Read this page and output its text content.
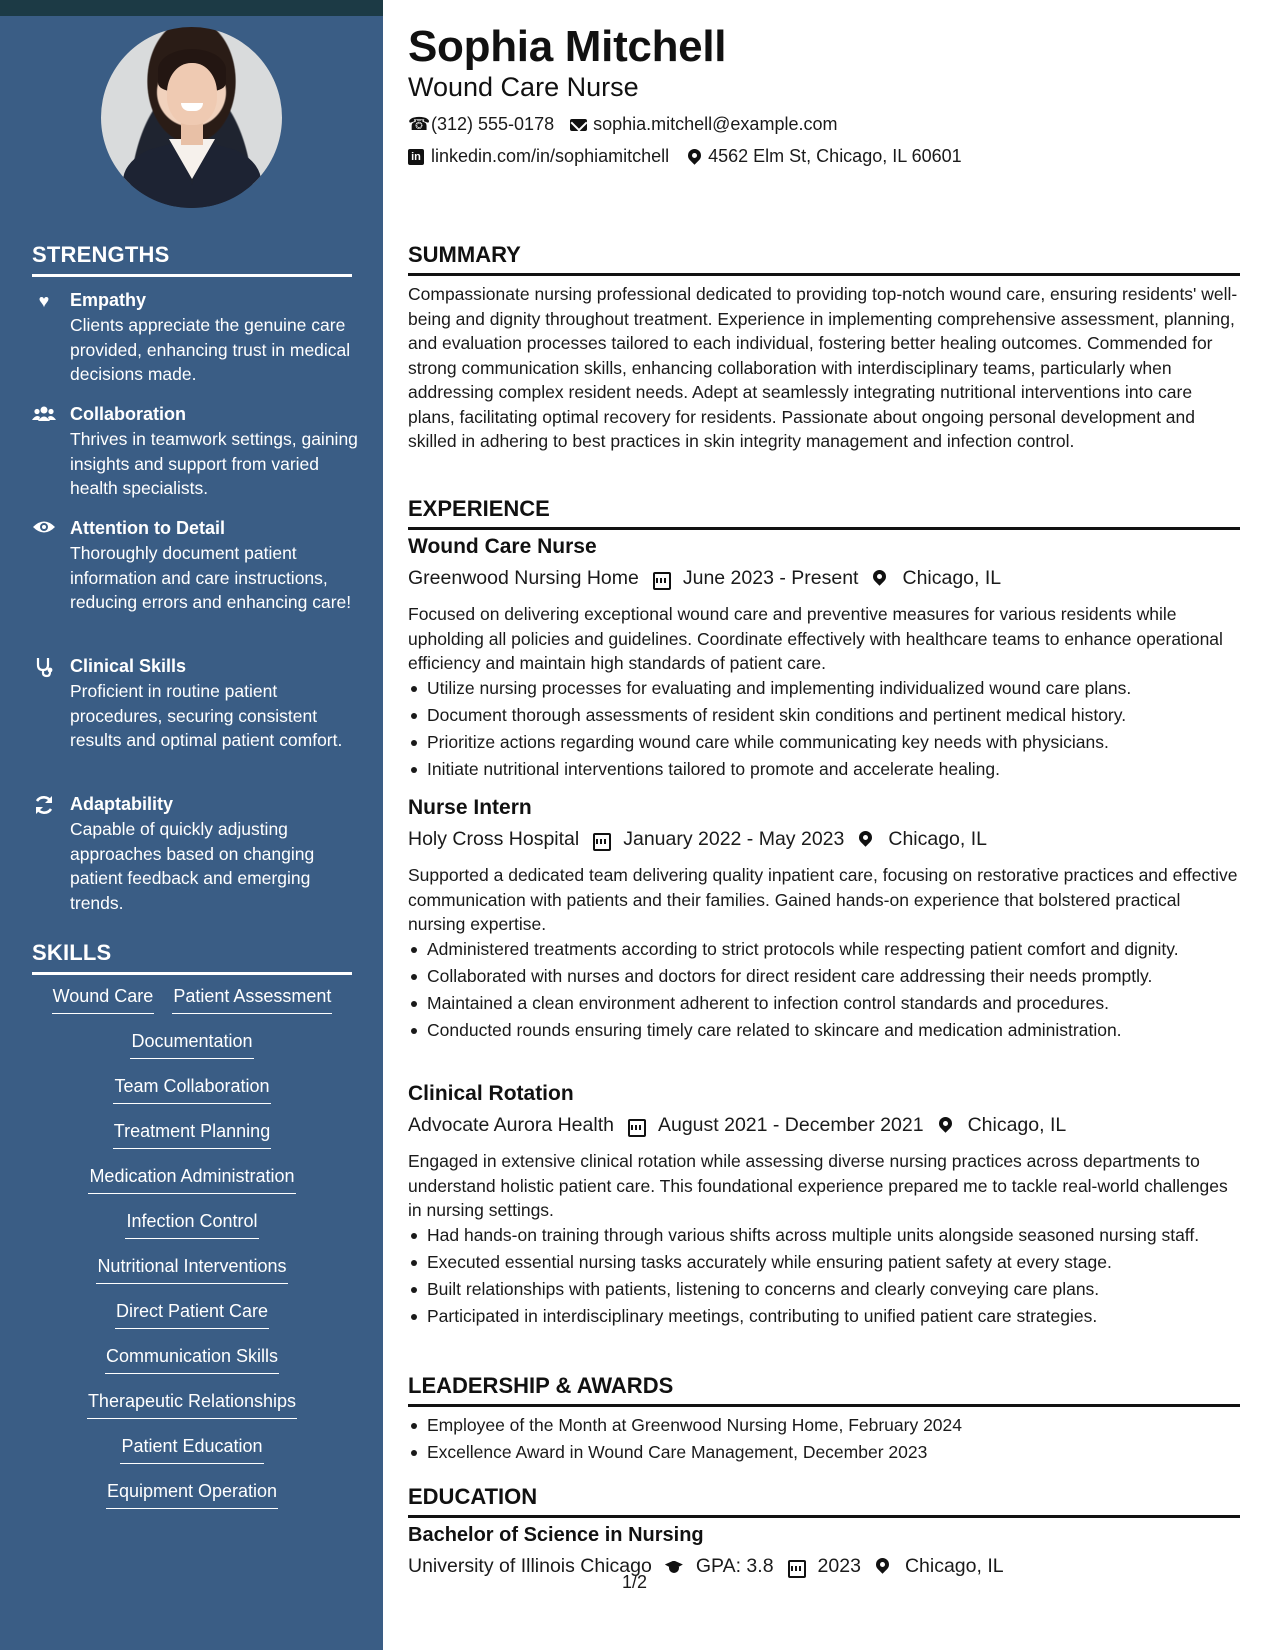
STRENGTHS
♥	Empathy
Clients appreciate the genuine care provided, enhancing trust in medical decisions made.
Collaboration
Thrives in teamwork settings, gaining insights and support from varied health specialists.
Attention to Detail
Thoroughly document patient information and care instructions, reducing errors and enhancing care!
Clinical Skills
Proficient in routine patient procedures, securing consistent results and optimal patient comfort.
Adaptability
Capable of quickly adjusting approaches based on changing patient feedback and emerging trends.
SKILLS
Wound Care Patient Assessment
Documentation
Team Collaboration
Treatment Planning
Medication Administration
Infection Control
Nutritional Interventions
Direct Patient Care
Communication Skills
Therapeutic Relationships
Patient Education
Equipment Operation
Sophia Mitchell
Wound Care Nurse
☎
(312) 555-0178 sophia.mitchell@example.com
in
linkedin.com/in/sophiamitchell 4562 Elm St, Chicago, IL 60601
SUMMARY
Compassionate nursing professional dedicated to providing top-notch wound care, ensuring residents' well-being and dignity throughout treatment. Experience in implementing comprehensive assessment, planning, and evaluation processes tailored to each individual, fostering better healing outcomes. Commended for strong communication skills, enhancing collaboration with interdisciplinary teams, particularly when addressing complex resident needs. Adept at seamlessly integrating nutritional interventions into care plans, facilitating optimal recovery for residents. Passionate about ongoing personal development and skilled in adhering to best practices in skin integrity management and infection control.
EXPERIENCE
Wound Care Nurse
Greenwood Nursing Home June 2023 - Present Chicago, IL
Focused on delivering exceptional wound care and preventive measures for various residents while upholding all policies and guidelines. Coordinate effectively with healthcare teams to enhance operational efficiency and maintain high standards of patient care.
Utilize nursing processes for evaluating and implementing individualized wound care plans.
Document thorough assessments of resident skin conditions and pertinent medical history.
Prioritize actions regarding wound care while communicating key needs with physicians.
Initiate nutritional interventions tailored to promote and accelerate healing.
Nurse Intern
Holy Cross Hospital January 2022 - May 2023 Chicago, IL
Supported a dedicated team delivering quality inpatient care, focusing on restorative practices and effective communication with patients and their families. Gained hands-on experience that bolstered practical nursing expertise.
Administered treatments according to strict protocols while respecting patient comfort and dignity.
Collaborated with nurses and doctors for direct resident care addressing their needs promptly.
Maintained a clean environment adherent to infection control standards and procedures.
Conducted rounds ensuring timely care related to skincare and medication administration.
Clinical Rotation
Advocate Aurora Health August 2021 - December 2021 Chicago, IL
Engaged in extensive clinical rotation while assessing diverse nursing practices across departments to understand holistic patient care. This foundational experience prepared me to tackle real-world challenges in nursing settings.
Had hands-on training through various shifts across multiple units alongside seasoned nursing staff.
Executed essential nursing tasks accurately while ensuring patient safety at every stage.
Built relationships with patients, listening to concerns and clearly conveying care plans.
Participated in interdisciplinary meetings, contributing to unified patient care strategies.
LEADERSHIP & AWARDS
Employee of the Month at Greenwood Nursing Home, February 2024
Excellence Award in Wound Care Management, December 2023
EDUCATION
Bachelor of Science in Nursing
University of Illinois Chicago GPA: 3.8 2023 Chicago, IL
1/2
